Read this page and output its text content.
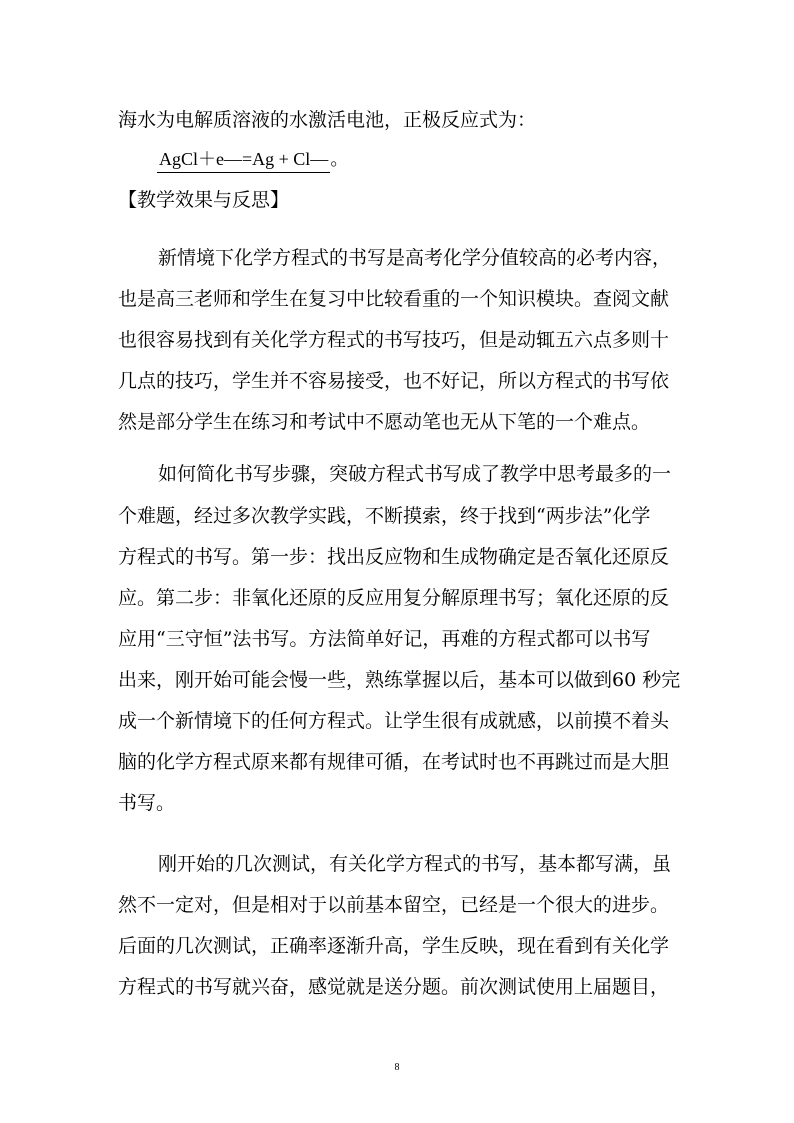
海水为电解质溶液的水激活电池，正极反应式为：
AgCl＋e—=Ag + Cl— 。
【教学效果与反思】
新情境下化学方程式的书写是高考化学分值较高的必考内容，
也是高三老师和学生在复习中比较看重的一个知识模块。查阅文献
也很容易找到有关化学方程式的书写技巧，但是动辄五六点多则十
几点的技巧，学生并不容易接受，也不好记，所以方程式的书写依
然是部分学生在练习和考试中不愿动笔也无从下笔的一个难点。
如何简化书写步骤，突破方程式书写成了教学中思考最多的一
个难题，经过多次教学实践，不断摸索，终于找到“两步法”化学
方程式的书写。第一步：找出反应物和生成物确定是否氧化还原反
应。第二步：非氧化还原的反应用复分解原理书写；氧化还原的反
应用“三守恒”法书写。方法简单好记，再难的方程式都可以书写
出来，刚开始可能会慢一些，熟练掌握以后，基本可以做到60 秒完
成一个新情境下的任何方程式。让学生很有成就感，以前摸不着头
脑的化学方程式原来都有规律可循，在考试时也不再跳过而是大胆
书写。
刚开始的几次测试，有关化学方程式的书写，基本都写满，虽
然不一定对，但是相对于以前基本留空，已经是一个很大的进步。
后面的几次测试，正确率逐渐升高，学生反映，现在看到有关化学
方程式的书写就兴奋，感觉就是送分题。前次测试使用上届题目，
8
